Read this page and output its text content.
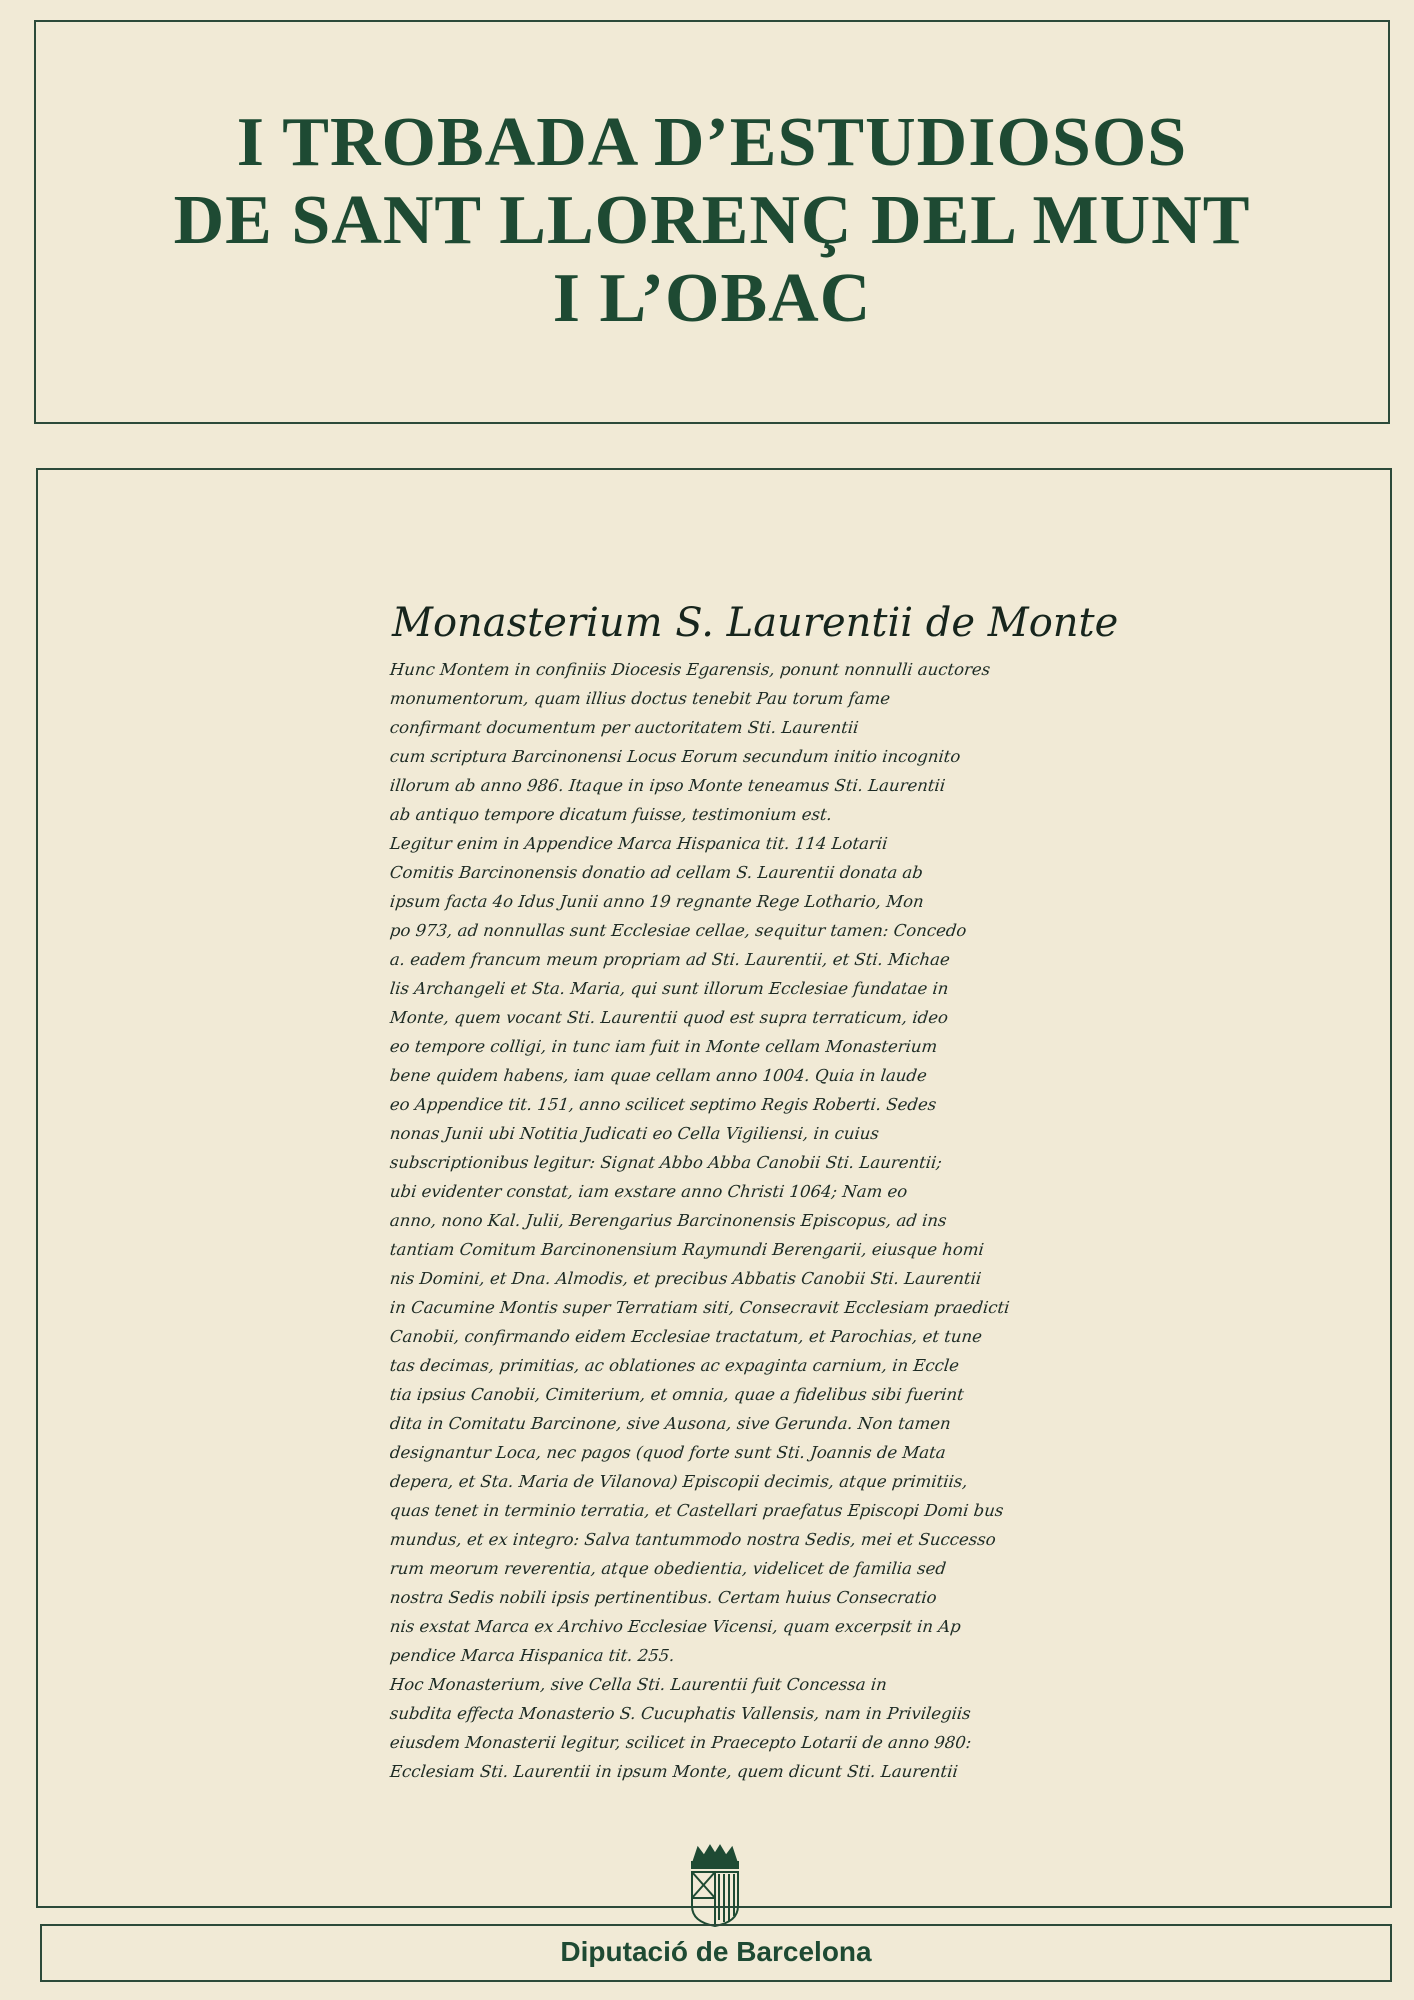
I TROBADA D’ESTUDIOSOS
DE SANT LLORENÇ DEL MUNT
I L’OBAC
Monasterium S. Laurentii de Monte
Hunc Montem in confiniis Diocesis Egarensis, ponunt nonnulli auctores
monumentorum, quam illius doctus tenebit Pau torum fame
confirmant documentum per auctoritatem Sti. Laurentii
cum scriptura Barcinonensi Locus Eorum secundum initio incognito
illorum ab anno 986. Itaque in ipso Monte teneamus Sti. Laurentii
ab antiquo tempore dicatum fuisse, testimonium est.
Legitur enim in Appendice Marca Hispanica tit. 114 Lotarii
Comitis Barcinonensis donatio ad cellam S. Laurentii donata ab
ipsum facta 4o Idus Junii anno 19 regnante Rege Lothario, Mon
po 973, ad nonnullas sunt Ecclesiae cellae, sequitur tamen: Concedo
a. eadem francum meum propriam ad Sti. Laurentii, et Sti. Michae
lis Archangeli et Sta. Maria, qui sunt illorum Ecclesiae fundatae in
Monte, quem vocant Sti. Laurentii quod est supra terraticum, ideo
eo tempore colligi, in tunc iam fuit in Monte cellam Monasterium
bene quidem habens, iam quae cellam anno 1004. Quia in laude
eo Appendice tit. 151, anno scilicet septimo Regis Roberti. Sedes
nonas Junii ubi Notitia Judicati eo Cella Vigiliensi, in cuius
subscriptionibus legitur: Signat Abbo Abba Canobii Sti. Laurentii;
ubi evidenter constat, iam exstare anno Christi 1064; Nam eo
anno, nono Kal. Julii, Berengarius Barcinonensis Episcopus, ad ins
tantiam Comitum Barcinonensium Raymundi Berengarii, eiusque homi
nis Domini, et Dna. Almodis, et precibus Abbatis Canobii Sti. Laurentii
in Cacumine Montis super Terratiam siti, Consecravit Ecclesiam praedicti
Canobii, confirmando eidem Ecclesiae tractatum, et Parochias, et tune
tas decimas, primitias, ac oblationes ac expaginta carnium, in Eccle
tia ipsius Canobii, Cimiterium, et omnia, quae a fidelibus sibi fuerint
dita in Comitatu Barcinone, sive Ausona, sive Gerunda. Non tamen
designantur Loca, nec pagos (quod forte sunt Sti. Joannis de Mata
depera, et Sta. Maria de Vilanova) Episcopii decimis, atque primitiis,
quas tenet in terminio terratia, et Castellari praefatus Episcopi Domi bus
mundus, et ex integro: Salva tantummodo nostra Sedis, mei et Successo
rum meorum reverentia, atque obedientia, videlicet de familia sed
nostra Sedis nobili ipsis pertinentibus. Certam huius Consecratio
nis exstat Marca ex Archivo Ecclesiae Vicensi, quam excerpsit in Ap
pendice Marca Hispanica tit. 255.
Hoc Monasterium, sive Cella Sti. Laurentii fuit Concessa in
subdita effecta Monasterio S. Cucuphatis Vallensis, nam in Privilegiis
eiusdem Monasterii legitur, scilicet in Praecepto Lotarii de anno 980:
Ecclesiam Sti. Laurentii in ipsum Monte, quem dicunt Sti. Laurentii
Diputació de Barcelona
